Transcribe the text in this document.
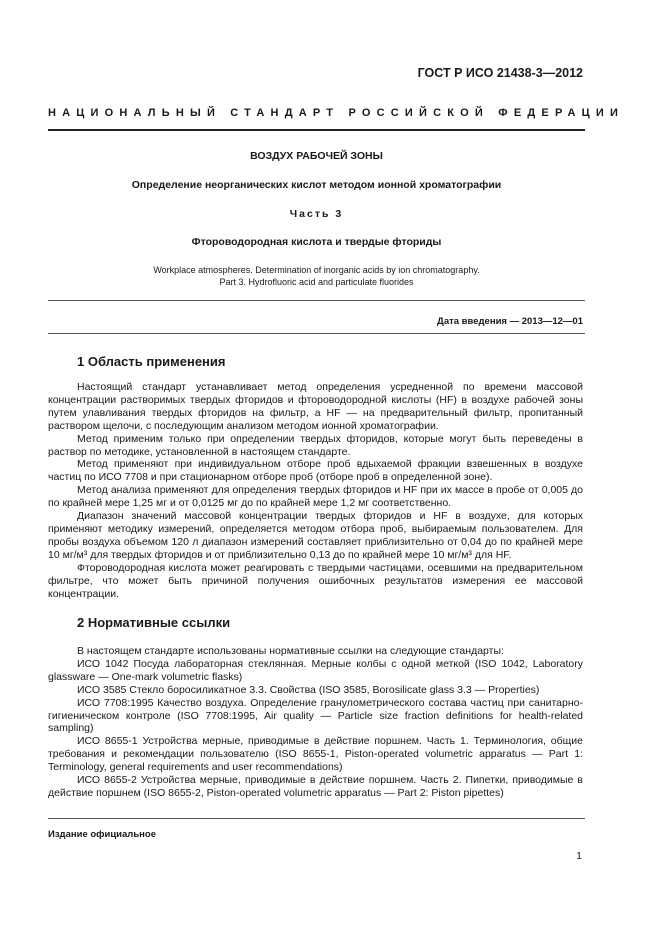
ГОСТ Р ИСО 21438-3—2012
НАЦИОНАЛЬНЫЙ СТАНДАРТ РОССИЙСКОЙ ФЕДЕРАЦИИ
ВОЗДУХ РАБОЧЕЙ ЗОНЫ
Определение неорганических кислот методом ионной хроматографии
Часть 3
Фтороводородная кислота и твердые фториды
Workplace atmospheres. Determination of inorganic acids by ion chromatography.
Part 3. Hydrofluoric acid and particulate fluorides
Дата введения — 2013—12—01
1 Область применения

Настоящий стандарт устанавливает метод определения усредненной по времени массовой концентрации растворимых твердых фторидов и фтороводородной кислоты (HF) в воздухе рабочей зоны путем улавливания твердых фторидов на фильтр, а HF — на предварительный фильтр, пропитанный раствором щелочи, с последующим анализом методом ионной хроматографии.

Метод применим только при определении твердых фторидов, которые могут быть переведены в раствор по методике, установленной в настоящем стандарте.

Метод применяют при индивидуальном отборе проб вдыхаемой фракции взвешенных в воздухе частиц по ИСО 7708 и при стационарном отборе проб (отборе проб в определенной зоне).

Метод анализа применяют для определения твердых фторидов и HF при их массе в пробе от 0,005 до по крайней мере 1,25 мг и от 0,0125 мг до по крайней мере 1,2 мг соответственно.

Диапазон значений массовой концентрации твердых фторидов и HF в воздухе, для которых применяют методику измерений, определяется методом отбора проб, выбираемым пользователем. Для пробы воздуха объемом 120 л диапазон измерений составляет приблизительно от 0,04 до по крайней мере 10 мг/м³ для твердых фторидов и от приблизительно 0,13 до по крайней мере 10 мг/м³ для HF.

Фтороводородная кислота может реагировать с твердыми частицами, осевшими на предварительном фильтре, что может быть причиной получения ошибочных результатов измерения ее массовой концентрации.

2 Нормативные ссылки

В настоящем стандарте использованы нормативные ссылки на следующие стандарты:

ИСО 1042 Посуда лабораторная стеклянная. Мерные колбы с одной меткой (ISO 1042, Laboratory glassware — One-mark volumetric flasks)

ИСО 3585 Стекло боросиликатное 3.3. Свойства (ISO 3585, Borosilicate glass 3.3 — Properties)

ИСО 7708:1995 Качество воздуха. Определение гранулометрического состава частиц при санитарно-гигиеническом контроле (ISO 7708:1995, Air quality — Particle size fraction definitions for health-related sampling)

ИСО 8655-1 Устройства мерные, приводимые в действие поршнем. Часть 1. Терминология, общие требования и рекомендации пользователю (ISO 8655-1, Piston-operated volumetric apparatus — Part 1: Terminology, general requirements and user recommendations)

ИСО 8655-2 Устройства мерные, приводимые в действие поршнем. Часть 2. Пипетки, приводимые в действие поршнем (ISO 8655-2, Piston-operated volumetric apparatus — Part 2: Piston pipettes)

Издание официальное
1
